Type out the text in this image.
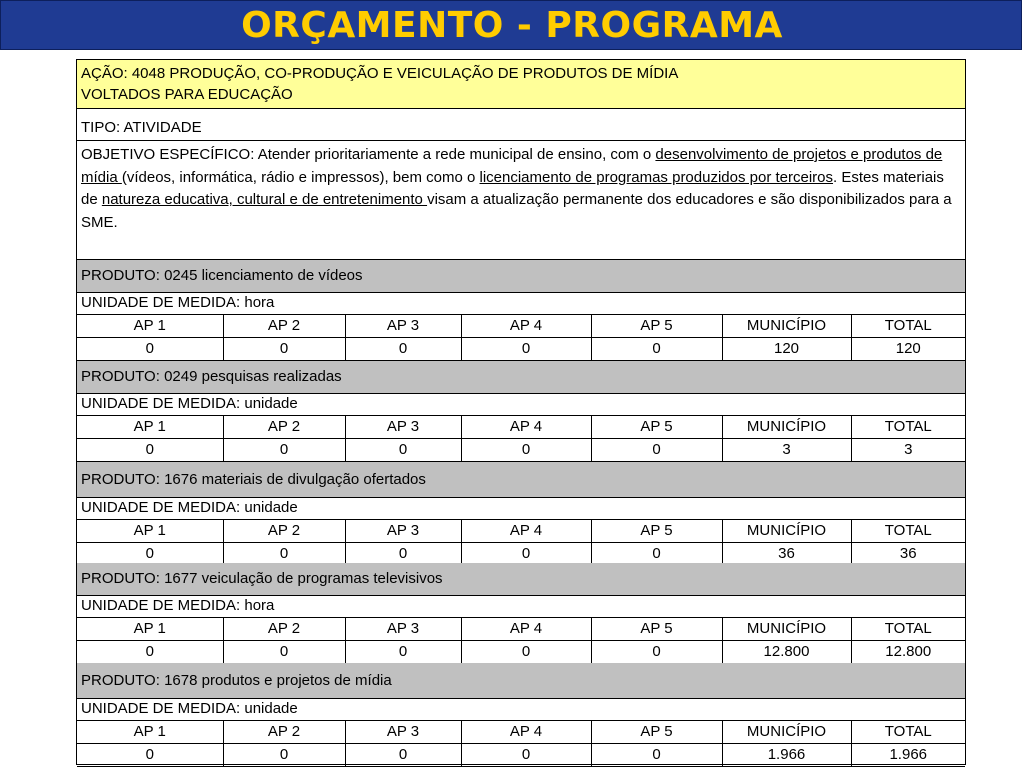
ORÇAMENTO - PROGRAMA
AÇÃO: 4048 PRODUÇÃO, CO-PRODUÇÃO E VEICULAÇÃO DE PRODUTOS DE MÍDIA
VOLTADOS PARA EDUCAÇÃO
TIPO: ATIVIDADE
OBJETIVO ESPECÍFICO: Atender prioritariamente a rede municipal de ensino, com o desenvolvimento de projetos e produtos de mídia (vídeos, informática, rádio e impressos), bem como o licenciamento de programas produzidos por terceiros. Estes materiais de natureza educativa, cultural e de entretenimento visam a atualização permanente dos educadores e são disponibilizados para a SME.
PRODUTO: 0245 licenciamento de vídeos
UNIDADE DE MEDIDA: hora
AP 1	AP 2	AP 3	AP 4	AP 5	MUNICÍPIO	TOTAL
0	0	0	0	0	120	120
PRODUTO: 0249 pesquisas realizadas
UNIDADE DE MEDIDA: unidade
AP 1	AP 2	AP 3	AP 4	AP 5	MUNICÍPIO	TOTAL
0	0	0	0	0	3	3
PRODUTO: 1676 materiais de divulgação ofertados
UNIDADE DE MEDIDA: unidade
AP 1	AP 2	AP 3	AP 4	AP 5	MUNICÍPIO	TOTAL
0	0	0	0	0	36	36
PRODUTO: 1677 veiculação de programas televisivos
UNIDADE DE MEDIDA: hora
AP 1	AP 2	AP 3	AP 4	AP 5	MUNICÍPIO	TOTAL
0	0	0	0	0	12.800	12.800
PRODUTO: 1678 produtos e projetos de mídia
UNIDADE DE MEDIDA: unidade
AP 1	AP 2	AP 3	AP 4	AP 5	MUNICÍPIO	TOTAL
0	0	0	0	0	1.966	1.966
